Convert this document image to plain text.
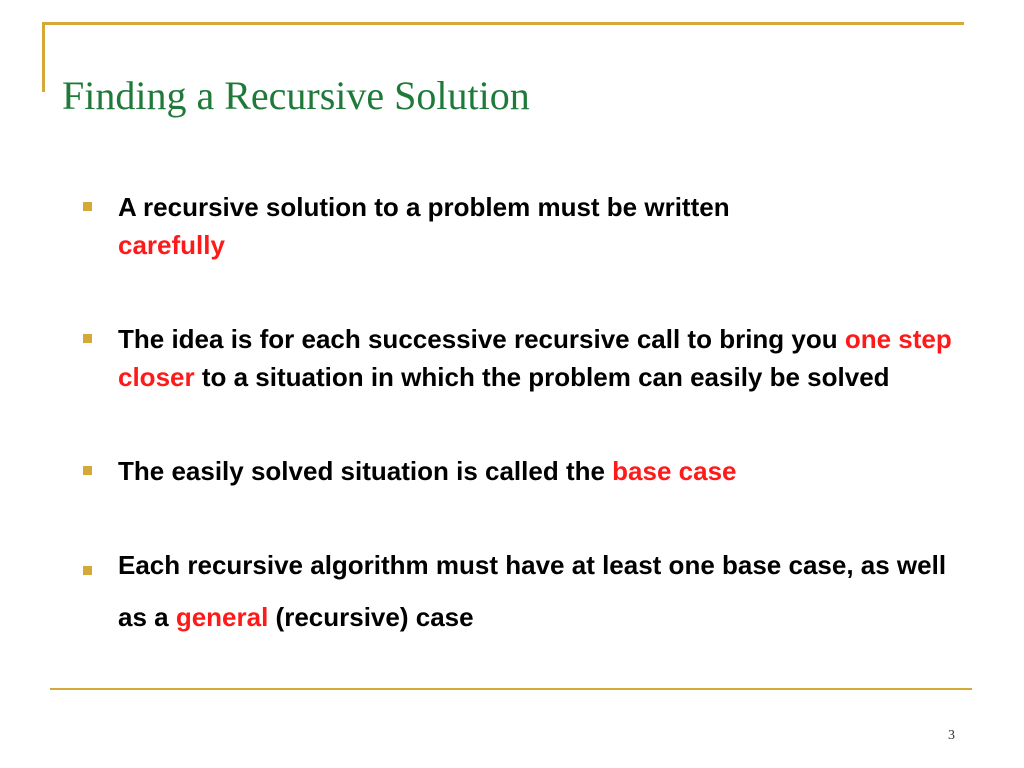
Finding a Recursive Solution
A recursive solution to a problem must be written
carefully
The idea is for each successive recursive call to bring you one step closer to a situation in which the problem can easily be solved
The easily solved situation is called the base case
Each recursive algorithm must have at least one base case, as well as a general (recursive) case
3
